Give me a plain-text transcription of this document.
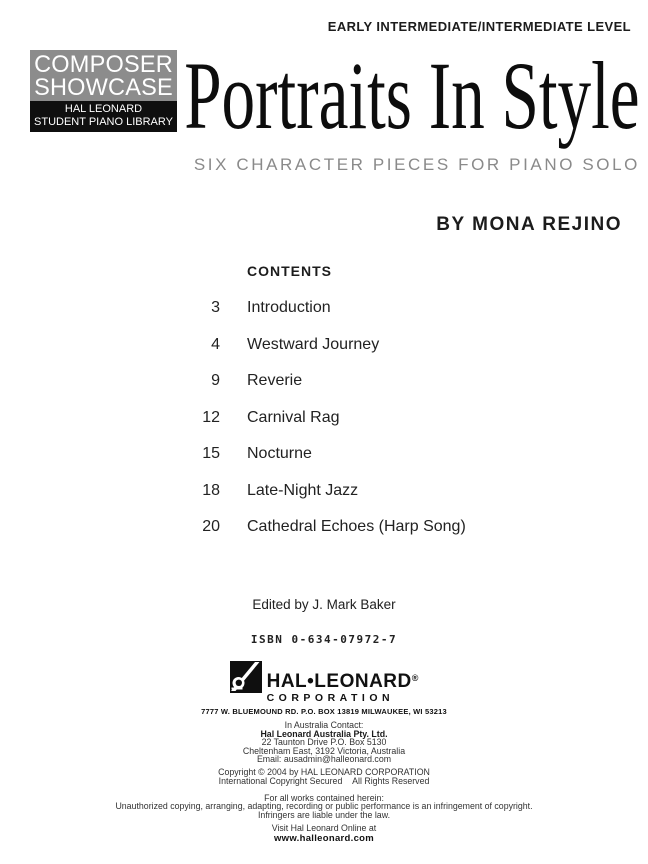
EARLY INTERMEDIATE/INTERMEDIATE LEVEL
COMPOSER
SHOWCASE
HAL LEONARD
STUDENT PIANO LIBRARY Portraits In Style
SIX CHARACTER PIECES FOR PIANO SOLO
BY MONA REJINO
CONTENTS
3 Introduction
4 Westward Journey
9 Reverie
12 Carnival Rag
15 Nocturne
18 Late-Night Jazz
20 Cathedral Echoes (Harp Song)
Edited by J. Mark Baker
ISBN 0-634-07972-7
HAL•LEONARD®
CORPORATION
7777 W. BLUEMOUND RD. P.O. BOX 13819 MILWAUKEE, WI 53213
In Australia Contact:
Hal Leonard Australia Pty. Ltd.
22 Taunton Drive P.O. Box 5130
Cheltenham East, 3192 Victoria, Australia
Email: ausadmin@halleonard.com
Copyright © 2004 by HAL LEONARD CORPORATION
International Copyright Secured    All Rights Reserved
For all works contained herein:
Unauthorized copying, arranging, adapting, recording or public performance is an infringement of copyright.
Infringers are liable under the law.
Visit Hal Leonard Online at
www.halleonard.com
